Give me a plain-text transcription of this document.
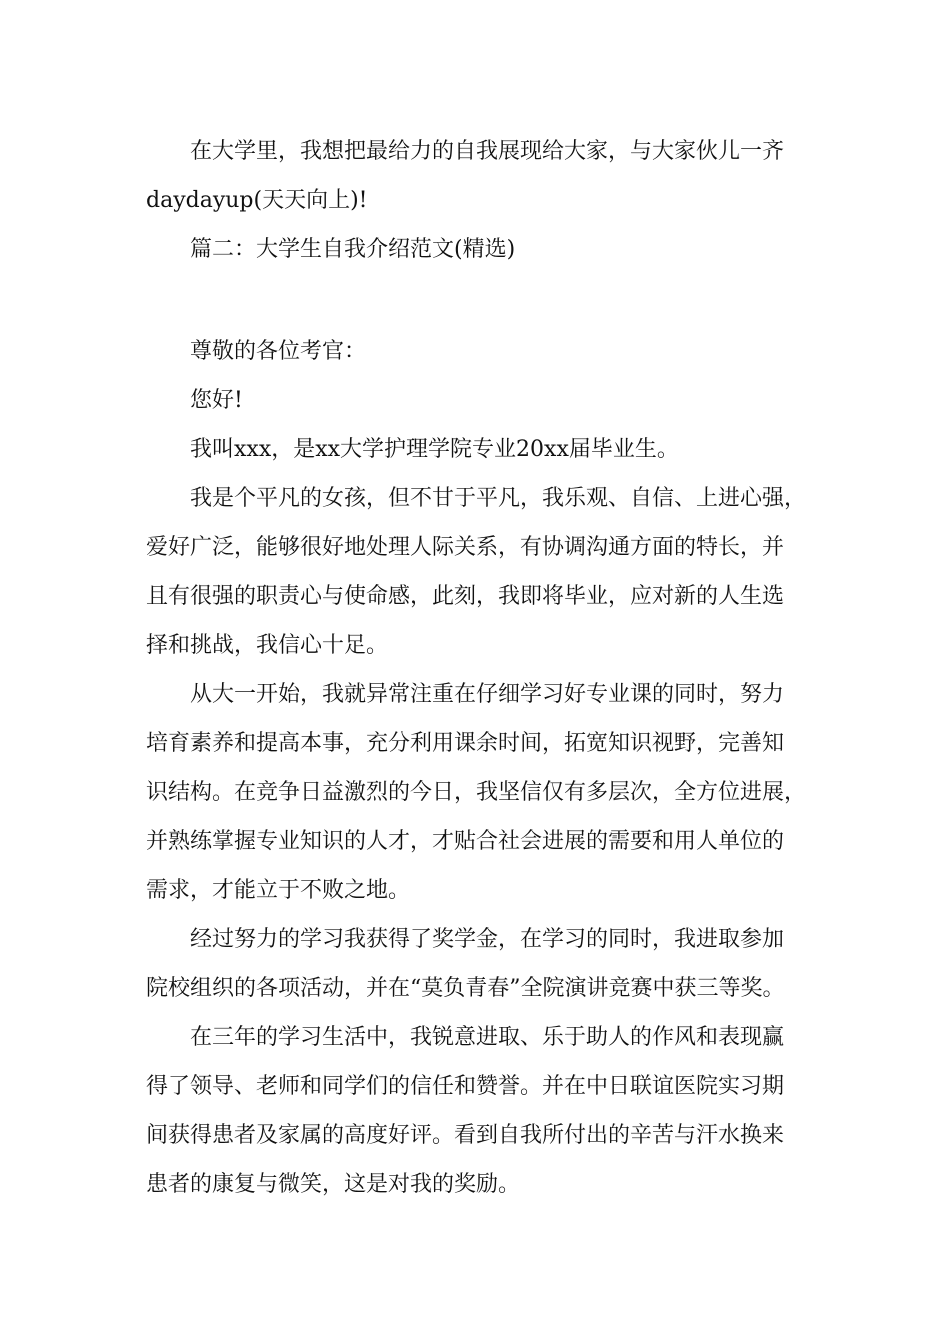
在大学里，我想把最给力的自我展现给大家，与大家伙儿一齐
daydayup(天天向上)!
篇二：大学生自我介绍范文(精选)
尊敬的各位考官：
您好!
我叫xxx，是xx大学护理学院专业20xx届毕业生。
我是个平凡的女孩，但不甘于平凡，我乐观、自信、上进心强，
爱好广泛，能够很好地处理人际关系，有协调沟通方面的特长，并
且有很强的职责心与使命感，此刻，我即将毕业，应对新的人生选
择和挑战，我信心十足。
从大一开始，我就异常注重在仔细学习好专业课的同时，努力
培育素养和提高本事，充分利用课余时间，拓宽知识视野，完善知
识结构。在竞争日益激烈的今日，我坚信仅有多层次，全方位进展，
并熟练掌握专业知识的人才，才贴合社会进展的需要和用人单位的
需求，才能立于不败之地。
经过努力的学习我获得了奖学金，在学习的同时，我进取参加
院校组织的各项活动，并在“莫负青春”全院演讲竞赛中获三等奖。
在三年的学习生活中，我锐意进取、乐于助人的作风和表现赢
得了领导、老师和同学们的信任和赞誉。并在中日联谊医院实习期
间获得患者及家属的高度好评。看到自我所付出的辛苦与汗水换来
患者的康复与微笑，这是对我的奖励。
